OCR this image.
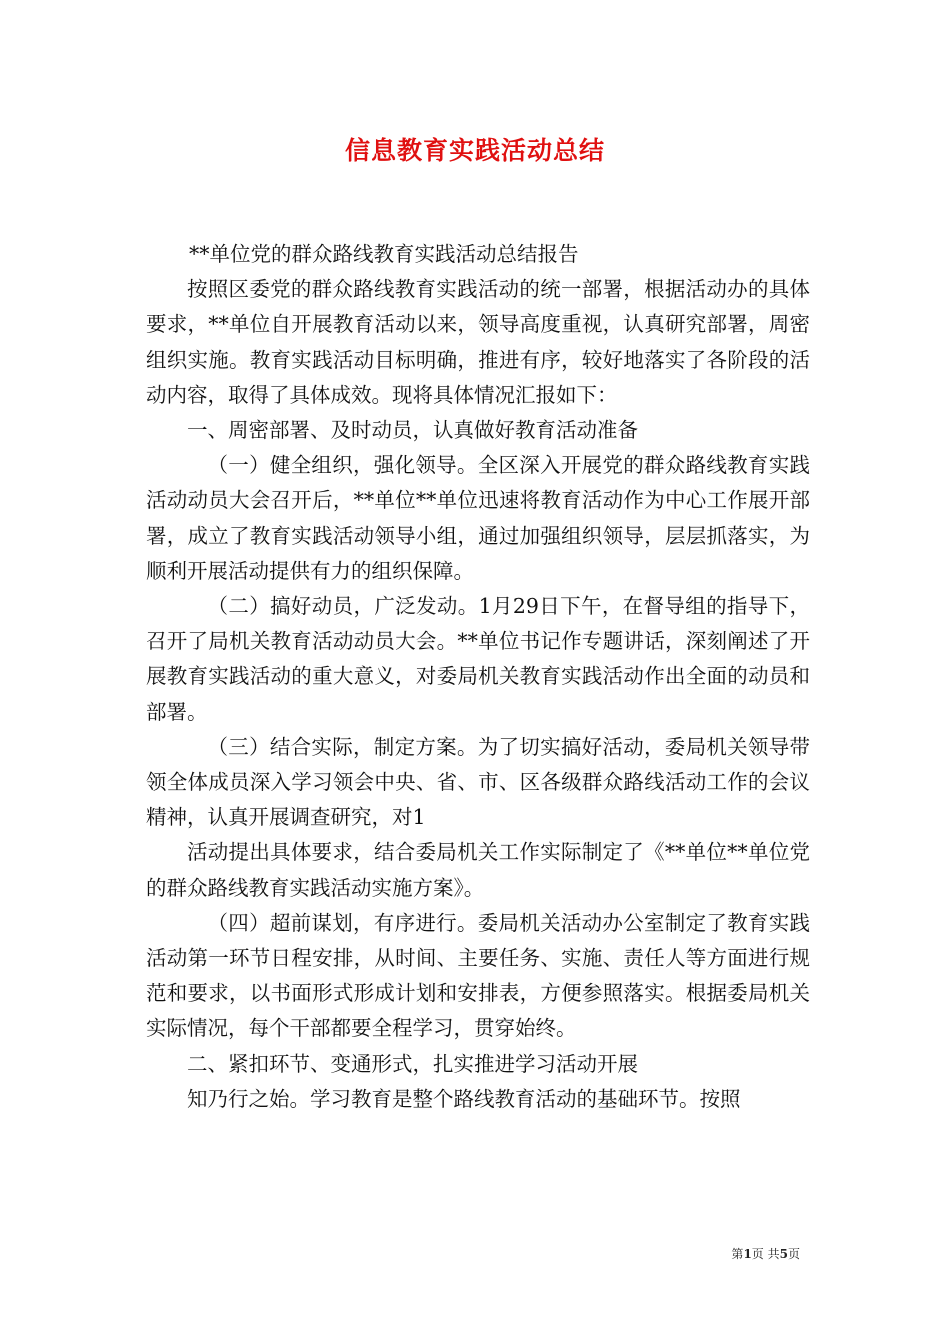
信息教育实践活动总结

**单位党的群众路线教育实践活动总结报告

按照区委党的群众路线教育实践活动的统一部署，根据活动办的具体要求，**单位自开展教育活动以来，领导高度重视，认真研究部署，周密组织实施。教育实践活动目标明确，推进有序，较好地落实了各阶段的活动内容，取得了具体成效。现将具体情况汇报如下：

一、周密部署、及时动员，认真做好教育活动准备

（一）健全组织，强化领导。全区深入开展党的群众路线教育实践活动动员大会召开后，**单位**单位迅速将教育活动作为中心工作展开部署，成立了教育实践活动领导小组，通过加强组织领导，层层抓落实，为顺利开展活动提供有力的组织保障。

（二）搞好动员，广泛发动。1月29日下午，在督导组的指导下，召开了局机关教育活动动员大会。**单位书记作专题讲话，深刻阐述了开展教育实践活动的重大意义，对委局机关教育实践活动作出全面的动员和部署。

（三）结合实际，制定方案。为了切实搞好活动，委局机关领导带领全体成员深入学习领会中央、省、市、区各级群众路线活动工作的会议精神，认真开展调查研究，对1

活动提出具体要求，结合委局机关工作实际制定了《**单位**单位党的群众路线教育实践活动实施方案》。

（四）超前谋划，有序进行。委局机关活动办公室制定了教育实践活动第一环节日程安排，从时间、主要任务、实施、责任人等方面进行规范和要求，以书面形式形成计划和安排表，方便参照落实。根据委局机关实际情况，每个干部都要全程学习，贯穿始终。

二、紧扣环节、变通形式，扎实推进学习活动开展

知乃行之始。学习教育是整个路线教育活动的基础环节。按照

第1页 共5页
